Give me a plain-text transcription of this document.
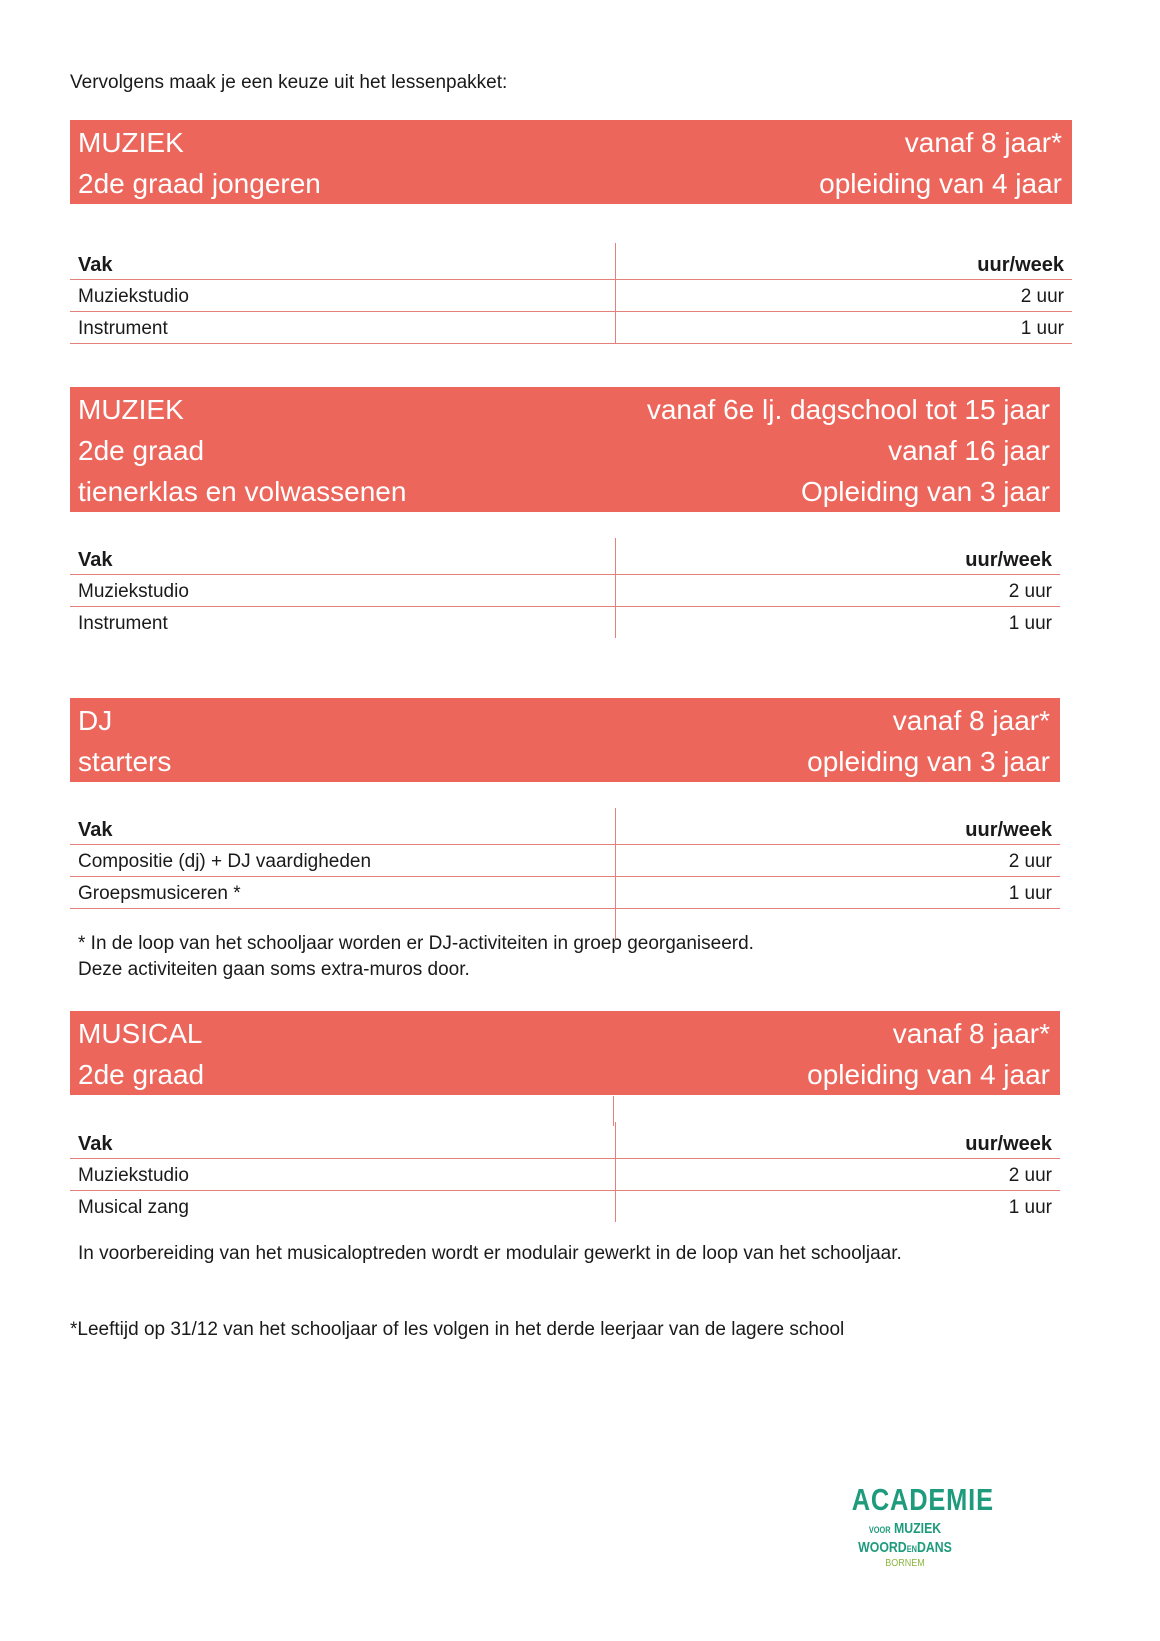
Vervolgens maak je een keuze uit het lessenpakket:
MUZIEK	vanaf 8 jaar*
2de graad jongeren	opleiding van 4 jaar
Vak	uur/week
Muziekstudio	2 uur
Instrument	1 uur
MUZIEK	vanaf 6e lj. dagschool tot 15 jaar
2de graad	vanaf 16 jaar
tienerklas en volwassenen	Opleiding van 3 jaar
Vak	uur/week
Muziekstudio	2 uur
Instrument	1 uur
DJ	vanaf 8 jaar*
starters	opleiding van 3 jaar
Vak	uur/week
Compositie (dj) + DJ vaardigheden	2 uur
Groepsmusiceren *	1 uur

* In de loop van het schooljaar worden er DJ-activiteiten in groep georganiseerd.
Deze activiteiten gaan soms extra-muros door.
MUSICAL	vanaf 8 jaar*
2de graad	opleiding van 4 jaar
Vak	uur/week
Muziekstudio	2 uur
Musical zang	1 uur
In voorbereiding van het musicaloptreden wordt er modulair gewerkt in de loop van het schooljaar.
*Leeftijd op 31/12 van het schooljaar of les volgen in het derde leerjaar van de lagere school
ACADEMIE
VOOR MUZIEK
WOORDENDANS
BORNEM
